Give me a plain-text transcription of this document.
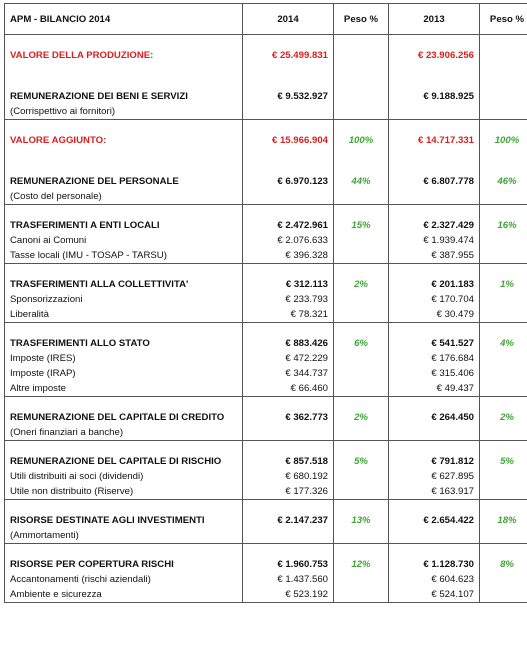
APM - BILANCIO 2014	2014	Peso %	2013	Peso %

VALORE DELLA PRODUZIONE:	€ 25.499.831		€ 23.906.256	

REMUNERAZIONE DEI BENI E SERVIZI	€ 9.532.927		€ 9.188.925	
(Corrispettivo ai fornitori)				

VALORE AGGIUNTO:	€ 15.966.904	100%	€ 14.717.331	100%

REMUNERAZIONE DEL PERSONALE	€ 6.970.123	44%	€ 6.807.778	46%
(Costo del personale)				

TRASFERIMENTI A ENTI LOCALI	€ 2.472.961	15%	€ 2.327.429	16%
Canoni ai Comuni	€ 2.076.633		€ 1.939.474	
Tasse locali (IMU - TOSAP - TARSU)	€ 396.328		€ 387.955	

TRASFERIMENTI ALLA COLLETTIVITA'	€ 312.113	2%	€ 201.183	1%
Sponsorizzazioni	€ 233.793		€ 170.704	
Liberalità	€ 78.321		€ 30.479	

TRASFERIMENTI ALLO STATO	€ 883.426	6%	€ 541.527	4%
Imposte (IRES)	€ 472.229		€ 176.684	
Imposte (IRAP)	€ 344.737		€ 315.406	
Altre imposte	€ 66.460		€ 49.437	

REMUNERAZIONE DEL CAPITALE DI CREDITO	€ 362.773	2%	€ 264.450	2%
(Oneri finanziari a banche)				

REMUNERAZIONE DEL CAPITALE DI RISCHIO	€ 857.518	5%	€ 791.812	5%
Utili distribuiti ai soci (dividendi)	€ 680.192		€ 627.895	
Utile non distribuito (Riserve)	€ 177.326		€ 163.917	

RISORSE DESTINATE AGLI INVESTIMENTI	€ 2.147.237	13%	€ 2.654.422	18%
(Ammortamenti)				

RISORSE PER COPERTURA RISCHI	€ 1.960.753	12%	€ 1.128.730	8%
Accantonamenti (rischi aziendali)	€ 1.437.560		€ 604.623	
Ambiente e sicurezza	€ 523.192		€ 524.107	
